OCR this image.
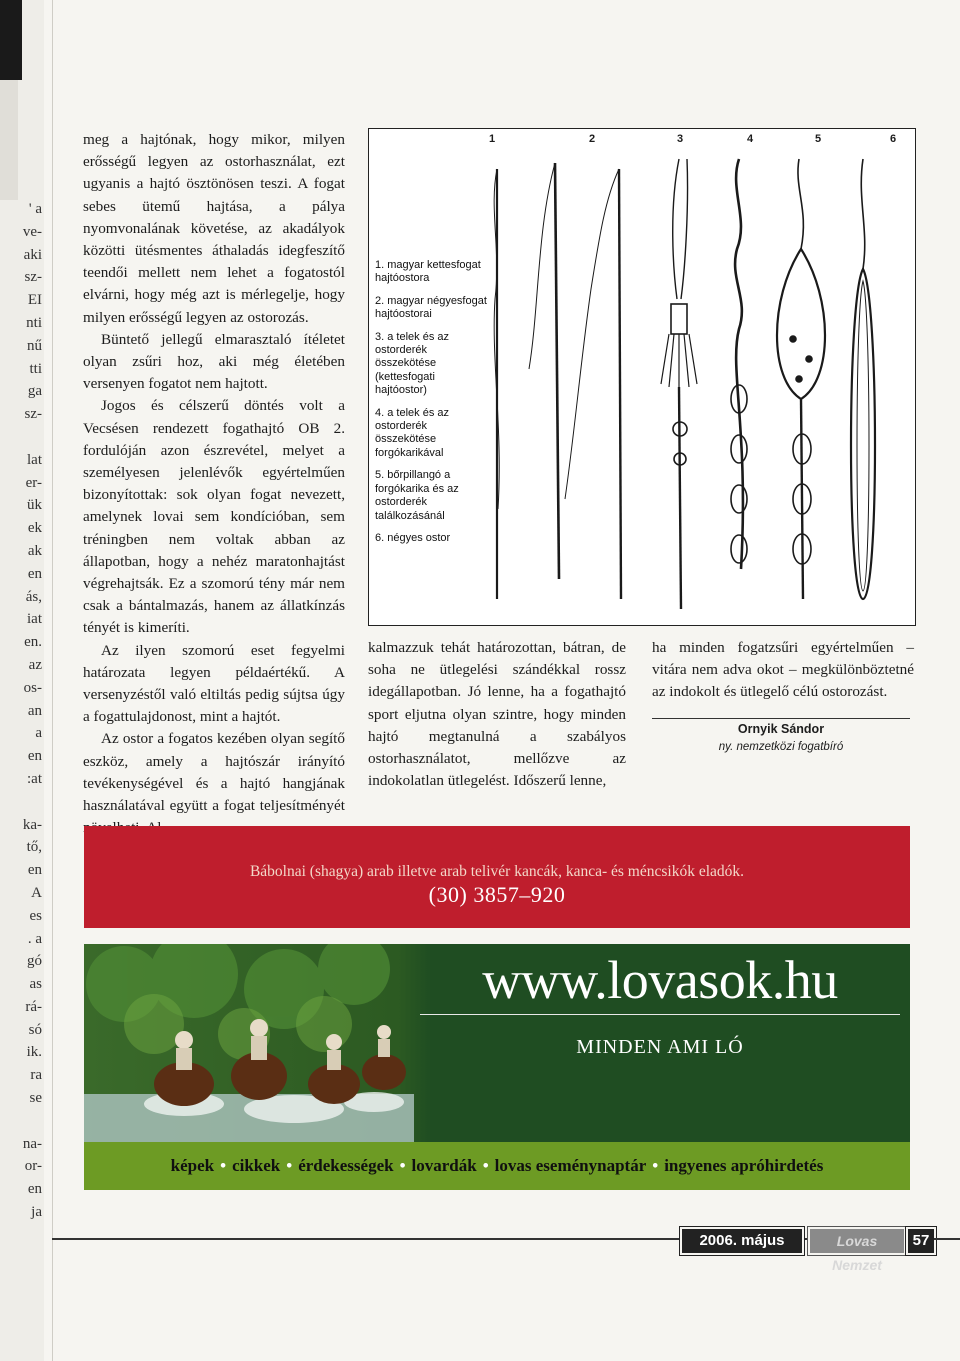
' a
ve-
aki
sz-
EI
nti
nű
tti
ga
sz-
lat
er-
ük
ek
ak
en
ás,
iat
en.
az
os-
an
a
en
:at
ka-
tő,
en
A
es
. a
gó
as
rá-
só
ik.
ra
se
na-
or-
en
ja

meg a hajtónak, hogy mikor, milyen erősségű legyen az ostorhasználat, ezt ugyanis a hajtó ösztönösen teszi. A fogat sebes ütemű hajtása, a pálya nyomvonalának követése, az akadályok közötti ütésmentes áthaladás idegfeszítő teendői mellett nem lehet a fogatostól elvárni, hogy még azt is mérlegelje, hogy milyen erősségű legyen az ostorozás.

Büntető jellegű elmarasztaló ítéletet olyan zsűri hoz, aki még életében versenyen fogatot nem hajtott.

Jogos és célszerű döntés volt a Vecsésen rendezett fogathajtó OB 2. fordulóján azon észrevétel, melyet a személyesen jelenlévők egyértelműen bizonyítottak: sok olyan fogat nevezett, amelynek lovai sem kondícióban, sem tréningben nem voltak abban az állapotban, hogy a nehéz maratonhajtást végrehajtsák. Ez a szomorú tény már nem csak a bántalmazás, hanem az állatkínzás tényét is kimeríti.

Az ilyen szomorú eset fegyelmi határozata legyen példaértékű. A versenyzéstől való eltiltás pedig sújtsa úgy a fogattulajdonost, mint a hajtót.

Az ostor a fogatos kezében olyan segítő eszköz, amely a hajtószár irányító tevékenységével és a hajtó hangjának használatával együtt a fogat teljesítményét

1	2	3	4	5	6
1. magyar kettesfogat hajtóostora
2. magyar négyesfogat hajtóostorai
3. a telek és az ostorderék összekötése (kettesfogati hajtóostor)
4. a telek és az ostorderék összekötése forgókarikával
5. bőrpillangó a forgókarika és az ostorderék találkozásánál
6. négyes ostor

kalmazzuk tehát határozottan, bátran, de soha ne ütlegelési szándékkal rossz idegállapotban. Jó lenne, ha a fogathajtó sport eljutna olyan szintre, hogy minden hajtó megtanulná a szabályos ostorhasználatot, mellőzve az indokolatlan ütlegelést. Időszerű lenne,

ha minden fogatzsűri egyértelműen – vitára nem adva okot – megkülönböztetné az indokolt és ütlegelő célú ostorozást.

Ornyik Sándor
ny. nemzetközi fogatbíró
Bábolnai (shagya) arab illetve arab telivér kancák, kanca- és méncsikók eladók.
(30) 3857–920
www.lovasok.hu
MINDEN AMI LÓ
képek • cikkek • érdekességek • lovardák • lovas eseménynaptár • ingyenes apróhirdetés
2006. május	Lovas Nemzet
57
